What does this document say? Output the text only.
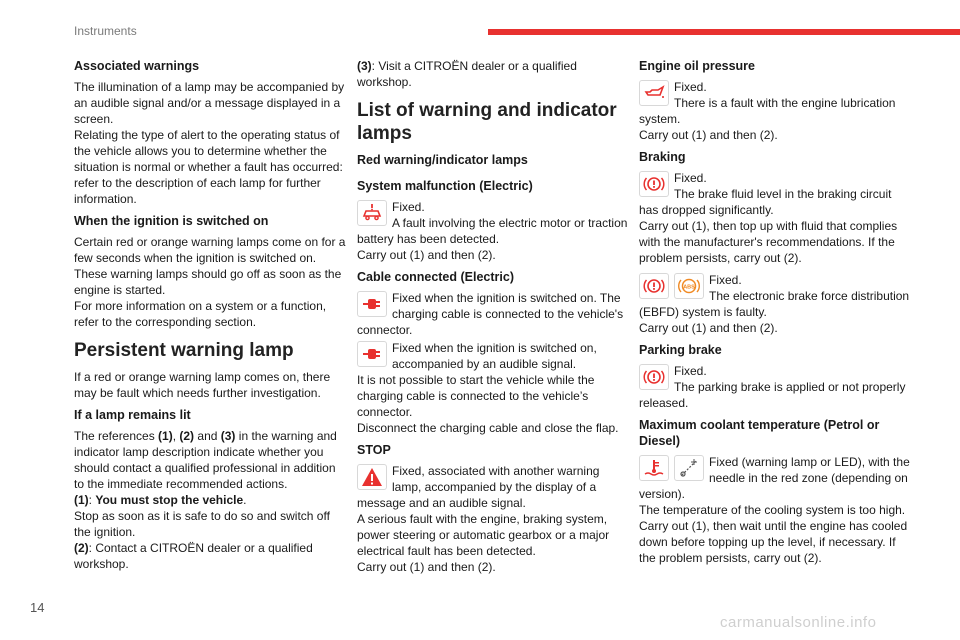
Instruments
Associated warnings

The illumination of a lamp may be accompanied by an audible signal and/or a message displayed in a screen.
Relating the type of alert to the operating status of the vehicle allows you to determine whether the situation is normal or whether a fault has occurred: refer to the description of each lamp for further information.

When the ignition is switched on

Certain red or orange warning lamps come on for a few seconds when the ignition is switched on. These warning lamps should go off as soon as the engine is started.
For more information on a system or a function, refer to the corresponding section.

Persistent warning lamp

If a red or orange warning lamp comes on, there may be fault which needs further investigation.

If a lamp remains lit

The references (1), (2) and (3) in the warning and indicator lamp description indicate whether you should contact a qualified professional in addition to the immediate recommended actions.
(1): You must stop the vehicle.
Stop as soon as it is safe to do so and switch off the ignition.
(2): Contact a CITROËN dealer or a qualified workshop.

(3): Visit a CITROËN dealer or a qualified workshop.

List of warning and indicator lamps
Red warning/indicator lamps
System malfunction (Electric)
Fixed.

A fault involving the electric motor or traction battery has been detected.
Carry out (1) and then (2).

Cable connected (Electric)

Fixed when the ignition is switched on. The charging cable is connected to the vehicle's connector.

Fixed when the ignition is switched on, accompanied by an audible signal.
It is not possible to start the vehicle while the charging cable is connected to the vehicle’s connector.
Disconnect the charging cable and close the flap.

STOP

Fixed, associated with another warning lamp, accompanied by the display of a message and an audible signal.
A serious fault with the engine, braking system, power steering or automatic gearbox or a major electrical fault has been detected.
Carry out (1) and then (2).

Engine oil pressure
Fixed.

There is a fault with the engine lubrication system.
Carry out (1) and then (2).

Braking
Fixed.

The brake fluid level in the braking circuit has dropped significantly.
Carry out (1), then top up with fluid that complies with the manufacturer's recommendations. If the problem persists, carry out (2).

ABS
Fixed.

The electronic brake force distribution (EBFD) system is faulty.
Carry out (1) and then (2).

Parking brake
Fixed.

The parking brake is applied or not properly released.

Maximum coolant temperature (Petrol or Diesel)

Fixed (warning lamp or LED), with the needle in the red zone (depending on version).
The temperature of the cooling system is too high.
Carry out (1), then wait until the engine has cooled down before topping up the level, if necessary. If the problem persists, carry out (2).

14
carmanualsonline.info
